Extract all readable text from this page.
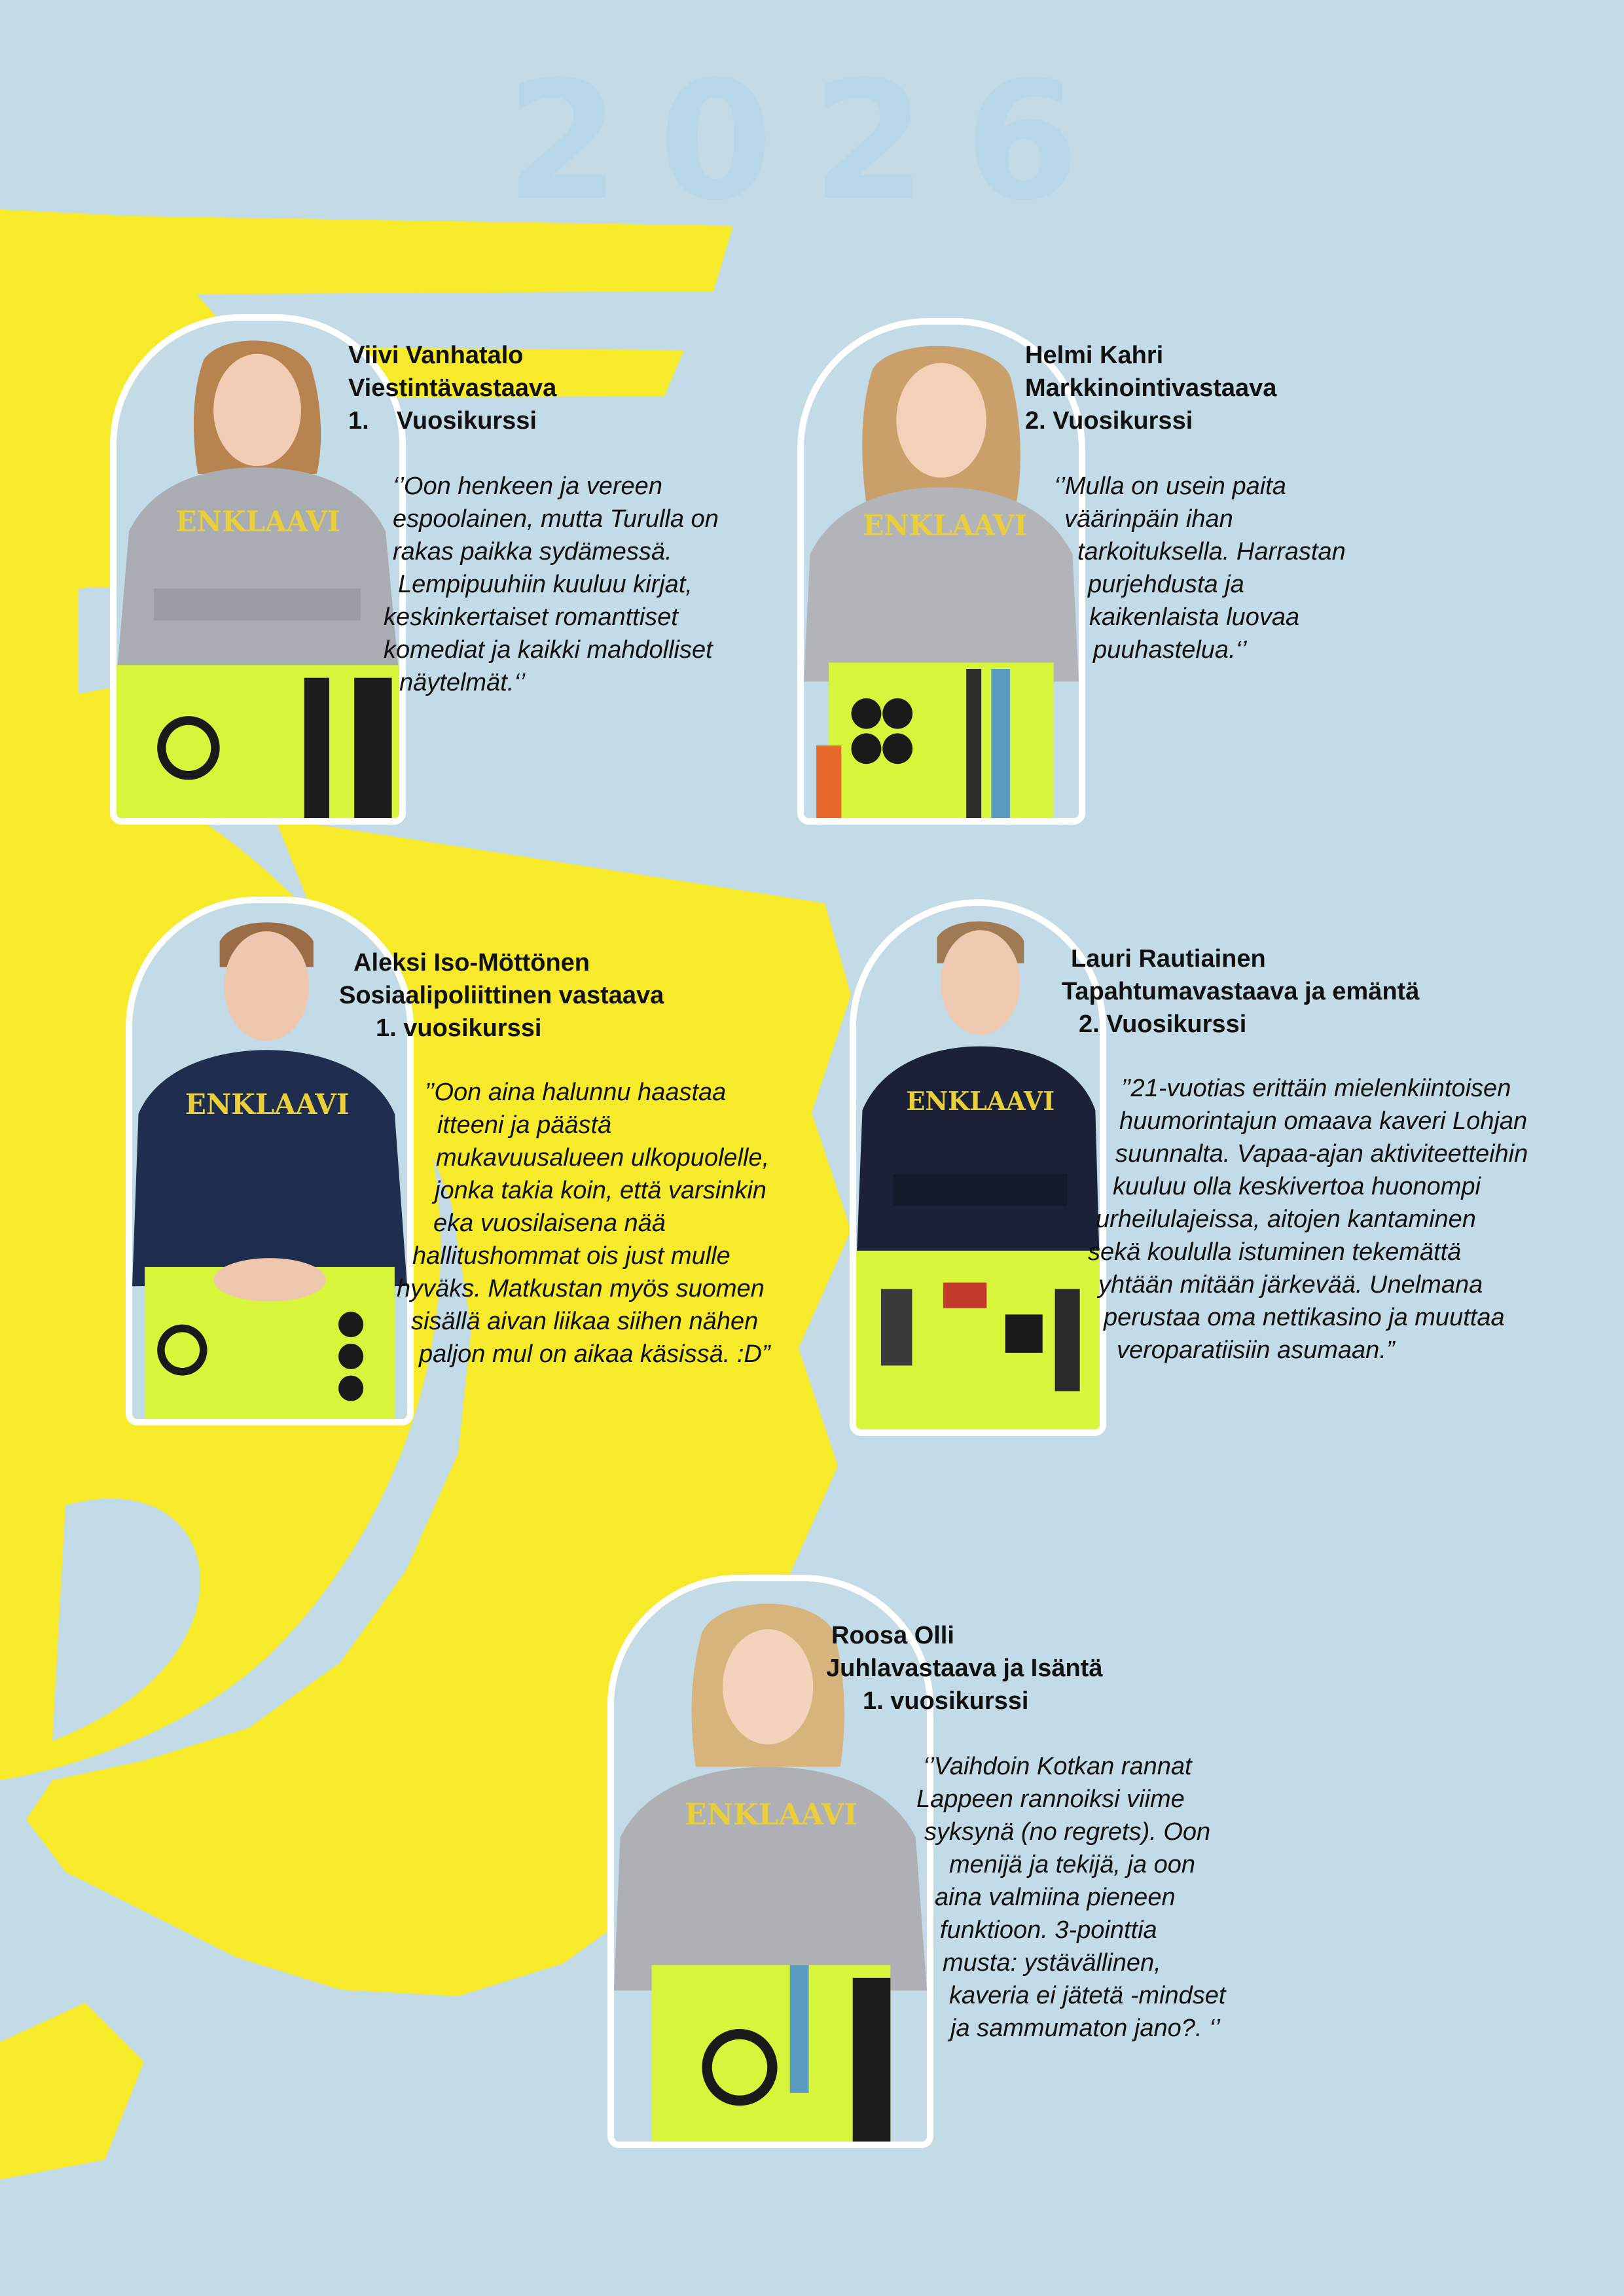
2026
ENKLAAVI
Viivi Vanhatalo
Viestintävastaava
1.    Vuosikurssi
‘’Oon henkeen ja vereen
espoolainen, mutta Turulla on
rakas paikka sydämessä.
Lempipuuhiin kuuluu kirjat,
keskinkertaiset romanttiset
komediat ja kaikki mahdolliset
näytelmät.‘’
ENKLAAVI
Helmi Kahri
Markkinointivastaava
2. Vuosikurssi
‘’Mulla on usein paita
väärinpäin ihan
tarkoituksella. Harrastan
purjehdusta ja
kaikenlaista luovaa
puuhastelua.‘’
ENKLAAVI
Aleksi Iso-Möttönen
Sosiaalipoliittinen vastaava
1. vuosikurssi
’’Oon aina halunnu haastaa
itteeni ja päästä
mukavuusalueen ulkopuolelle,
jonka takia koin, että varsinkin
eka vuosilaisena nää
hallitushommat ois just mulle
hyväks. Matkustan myös suomen
sisällä aivan liikaa siihen nähen
paljon mul on aikaa käsissä. :D”
ENKLAAVI
Lauri Rautiainen
Tapahtumavastaava ja emäntä
2. Vuosikurssi
’’21-vuotias erittäin mielenkiintoisen
huumorintajun omaava kaveri Lohjan
suunnalta. Vapaa-ajan aktiviteetteihin
kuuluu olla keskivertoa huonompi
urheilulajeissa, aitojen kantaminen
sekä koululla istuminen tekemättä
yhtään mitään järkevää. Unelmana
perustaa oma nettikasino ja muuttaa
veroparatiisiin asumaan.”
ENKLAAVI
Roosa Olli
Juhlavastaava ja Isäntä
1. vuosikurssi
‘’Vaihdoin Kotkan rannat
Lappeen rannoiksi viime
syksynä (no regrets). Oon
menijä ja tekijä, ja oon
aina valmiina pieneen
funktioon. 3-pointtia
musta: ystävällinen,
kaveria ei jätetä -mindset
ja sammumaton jano?. ‘’
